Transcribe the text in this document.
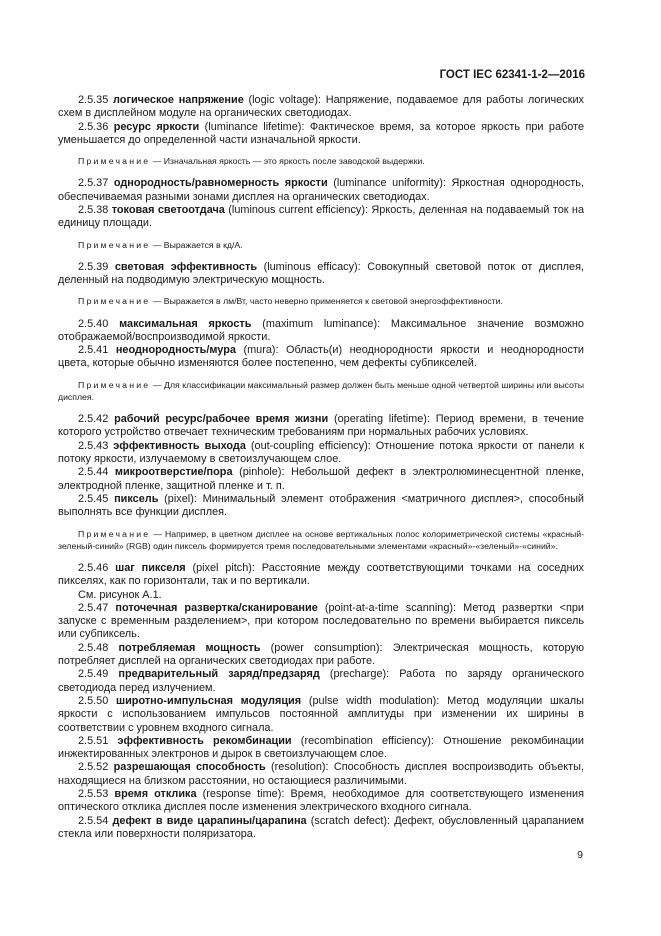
ГОСТ IEC 62341-1-2—2016

2.5.35 логическое напряжение (logic voltage): Напряжение, подаваемое для работы логических схем в дисплейном модуле на органических светодиодах.

2.5.36 ресурс яркости (luminance lifetime): Фактическое время, за которое яркость при работе уменьшается до определенной части изначальной яркости.

Примечание — Изначальная яркость — это яркость после заводской выдержки.

2.5.37 однородность/равномерность яркости (luminance uniformity): Яркостная однородность, обеспечиваемая разными зонами дисплея на органических светодиодах.

2.5.38 токовая светоотдача (luminous current efficiency): Яркость, деленная на подаваемый ток на единицу площади.

Примечание — Выражается в кд/А.

2.5.39 световая эффективность (luminous efficacy): Совокупный световой поток от дисплея, деленный на подводимую электрическую мощность.

Примечание — Выражается в лм/Вт, часто неверно применяется к световой энергоэффективности.

2.5.40 максимальная яркость (maximum luminance): Максимальное значение возможно отображаемой/воспроизводимой яркости.

2.5.41 неоднородность/мура (mura): Область(и) неоднородности яркости и неоднородности цвета, которые обычно изменяются более постепенно, чем дефекты субпикселей.

Примечание — Для классификации максимальный размер должен быть меньше одной четвертой ширины или высоты дисплея.

2.5.42 рабочий ресурс/рабочее время жизни (operating lifetime): Период времени, в течение которого устройство отвечает техническим требованиям при нормальных рабочих условиях.

2.5.43 эффективность выхода (out-coupling efficiency): Отношение потока яркости от панели к потоку яркости, излучаемому в светоизлучающем слое.

2.5.44 микроотверстие/пора (pinhole): Небольшой дефект в электролюминесцентной пленке, электродной пленке, защитной пленке и т. п.

2.5.45 пиксель (pixel): Минимальный элемент отображения <матричного дисплея>, способный выполнять все функции дисплея.

Примечание — Например, в цветном дисплее на основе вертикальных полос колориметрической системы «красный-зеленый-синий» (RGB) один пиксель формируется тремя последовательными элементами «красный»-«зеленый»-«синий».

2.5.46 шаг пикселя (pixel pitch): Расстояние между соответствующими точками на соседних пикселях, как по горизонтали, так и по вертикали.

См. рисунок А.1.

2.5.47 поточечная развертка/сканирование (point-at-a-time scanning): Метод развертки <при запуске с временным разделением>, при котором последовательно по времени выбирается пиксель или субпиксель.

2.5.48 потребляемая мощность (power consumption): Электрическая мощность, которую потребляет дисплей на органических светодиодах при работе.

2.5.49 предварительный заряд/предзаряд (precharge): Работа по заряду органического светодиода перед излучением.

2.5.50 широтно-импульсная модуляция (pulse width modulation): Метод модуляции шкалы яркости с использованием импульсов постоянной амплитуды при изменении их ширины в соответствии с уровнем входного сигнала.

2.5.51 эффективность рекомбинации (recombination efficiency): Отношение рекомбинации инжектированных электронов и дырок в светоизлучающем слое.

2.5.52 разрешающая способность (resolution): Способность дисплея воспроизводить объекты, находящиеся на близком расстоянии, но остающиеся различимыми.

2.5.53 время отклика (response time): Время, необходимое для соответствующего изменения оптического отклика дисплея после изменения электрического входного сигнала.

2.5.54 дефект в виде царапины/царапина (scratch defect): Дефект, обусловленный царапанием стекла или поверхности поляризатора.

9
